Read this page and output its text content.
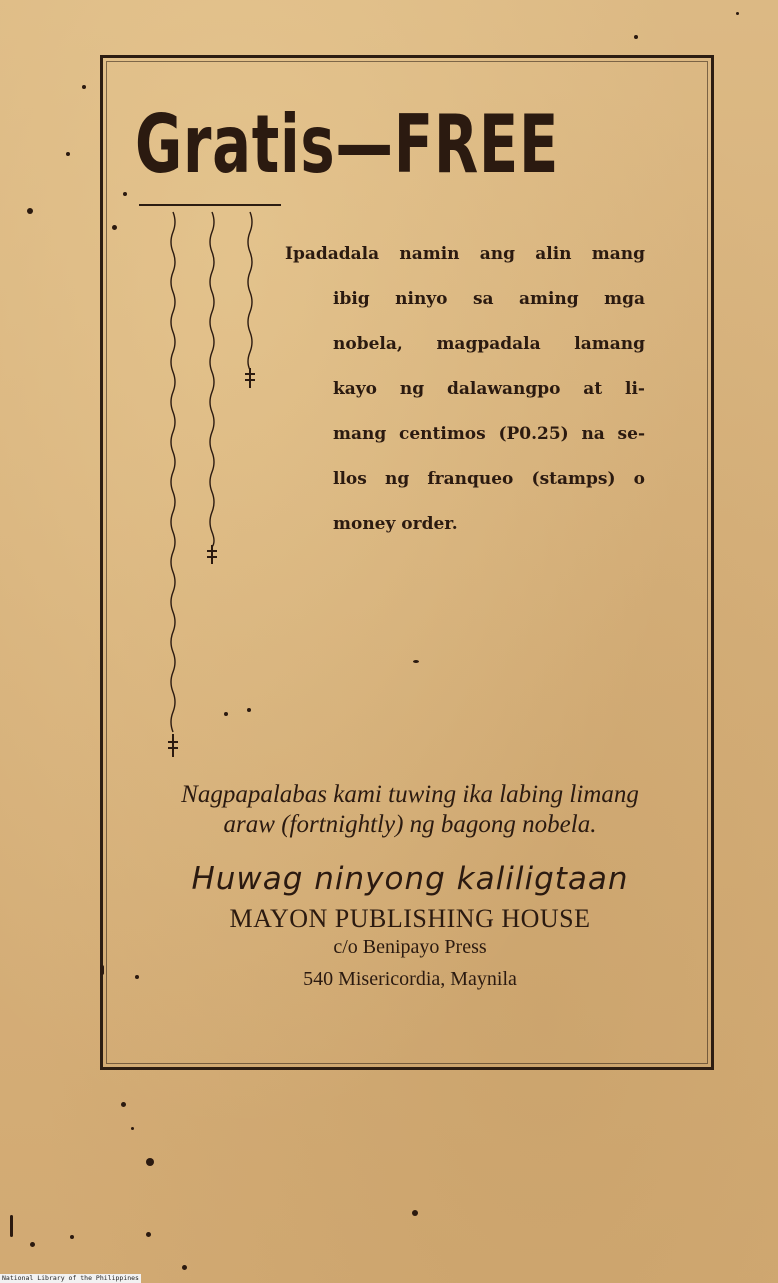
Gratis—FREE
Ipadadala namin ang alin mang
ibig ninyo sa aming mga
nobela, magpadala lamang
kayo ng dalawangpo at li-
mang centimos (P0.25) na se-
llos ng franqueo (stamps) o
money order.
Nagpapalabas kami tuwing ika labing limang
araw (fortnightly) ng bagong nobela.
Huwag ninyong kaliligtaan
MAYON PUBLISHING HOUSE
c/o Benipayo Press
540 Misericordia, Maynila
National Library of the Philippines
